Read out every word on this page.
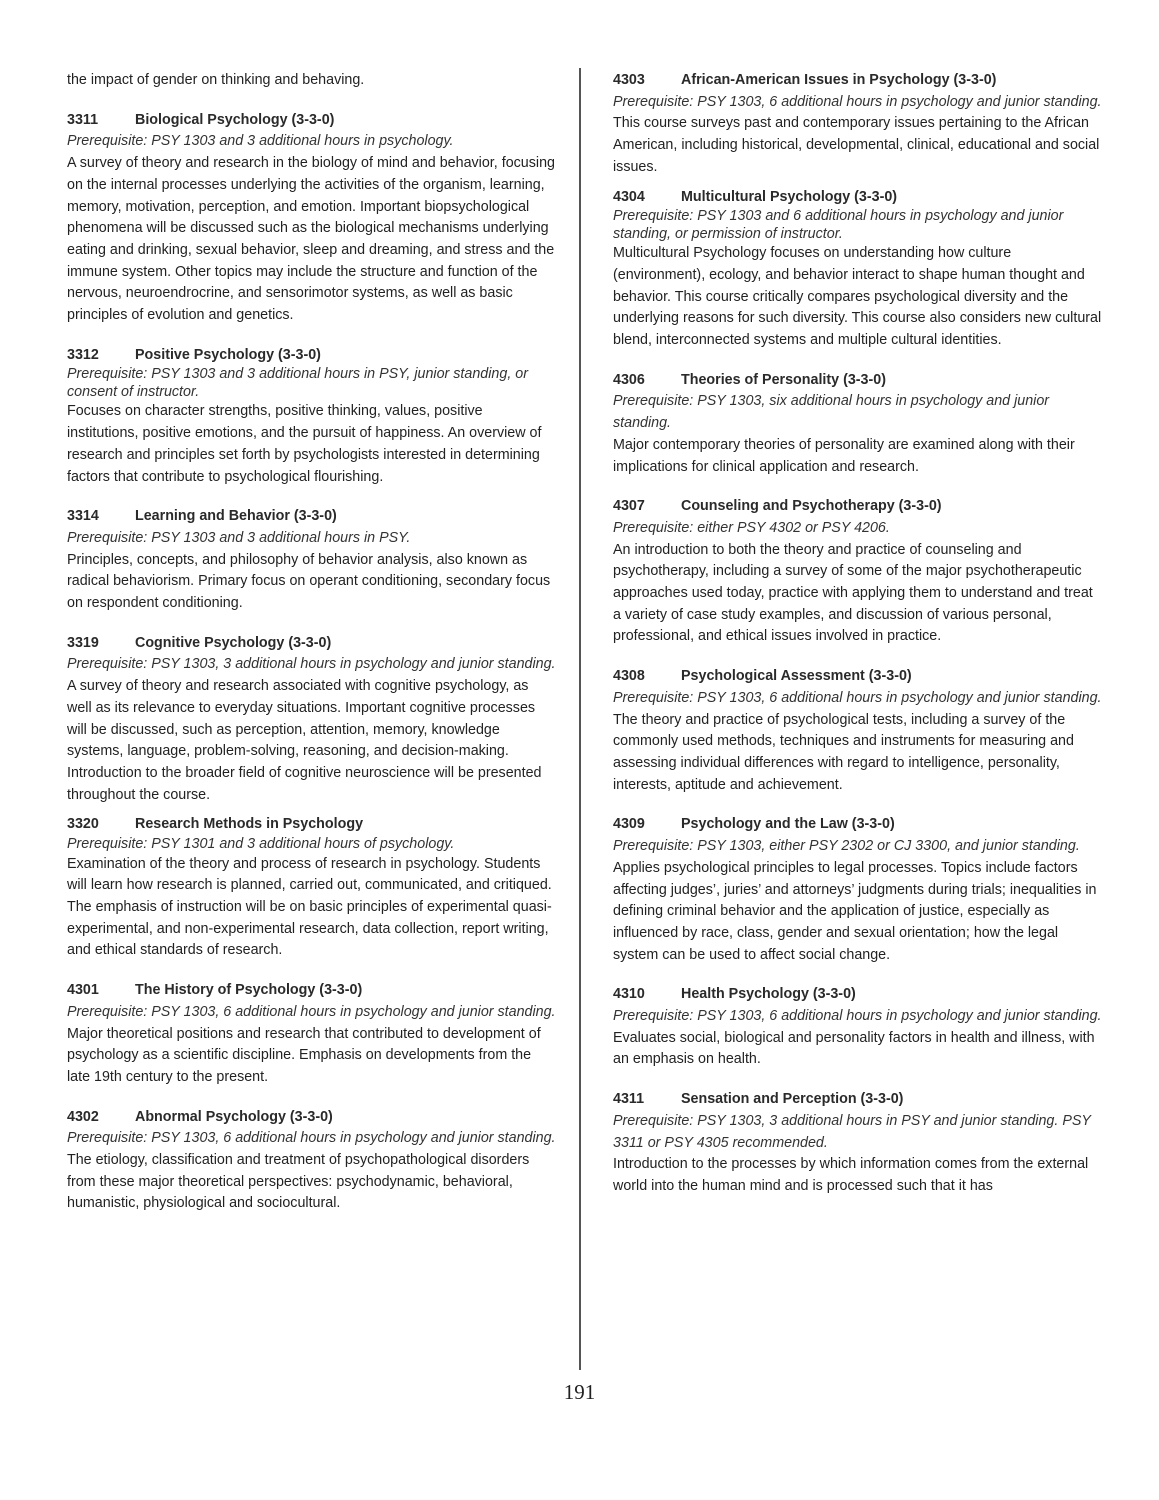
the impact of gender on thinking and behaving.

3311	Biological Psychology (3-3-0)
Prerequisite: PSY 1303 and 3 additional hours in psychology.
A survey of theory and research in the biology of mind and behavior, focusing on the internal processes underlying the activities of the organism, learning, memory, motivation, perception, and emotion. Important biopsychological phenomena will be discussed such as the biological mechanisms underlying eating and drinking, sexual behavior, sleep and dreaming, and stress and the immune system. Other topics may include the structure and function of the nervous, neuroendrocrine, and sensorimotor systems, as well as basic principles of evolution and genetics.
3312	Positive Psychology (3-3-0)
Prerequisite: PSY 1303 and 3 additional hours in PSY, junior standing, or consent of instructor.
Focuses on character strengths, positive thinking, values, positive institutions, positive emotions, and the pursuit of happiness. An overview of research and principles set forth by psychologists interested in determining factors that contribute to psychological flourishing.
3314	Learning and Behavior (3-3-0)
Prerequisite: PSY 1303 and 3 additional hours in PSY.
Principles, concepts, and philosophy of behavior analysis, also known as radical behaviorism. Primary focus on operant conditioning, secondary focus on respondent conditioning.
3319	Cognitive Psychology (3-3-0)
Prerequisite: PSY 1303, 3 additional hours in psychology and junior standing.
A survey of theory and research associated with cognitive psychology, as well as its relevance to everyday situations. Important cognitive processes will be discussed, such as perception, attention, memory, knowledge systems, language, problem-solving, reasoning, and decision-making. Introduction to the broader field of cognitive neuroscience will be presented throughout the course.
3320	Research Methods in Psychology
Prerequisite: PSY 1301 and 3 additional hours of psychology.
Examination of the theory and process of research in psychology. Students will learn how research is planned, carried out, communicated, and critiqued. The emphasis of instruction will be on basic principles of experimental quasi-experimental, and non-experimental research, data collection, report writing, and ethical standards of research.
4301	The History of Psychology (3-3-0)
Prerequisite: PSY 1303, 6 additional hours in psychology and junior standing.
Major theoretical positions and research that contributed to development of psychology as a scientific discipline. Emphasis on developments from the late 19th century to the present.
4302	Abnormal Psychology (3-3-0)
Prerequisite: PSY 1303, 6 additional hours in psychology and junior standing.
The etiology, classification and treatment of psychopathological disorders from these major theoretical perspectives: psychodynamic, behavioral, humanistic, physiological and sociocultural.
4303	African-American Issues in Psychology (3-3-0)
Prerequisite: PSY 1303, 6 additional hours in psychology and junior standing.
This course surveys past and contemporary issues pertaining to the African American, including historical, developmental, clinical, educational and social issues.
4304	Multicultural Psychology (3-3-0)
Prerequisite: PSY 1303 and 6 additional hours in psychology and junior standing, or permission of instructor.
Multicultural Psychology focuses on understanding how culture (environment), ecology, and behavior interact to shape human thought and behavior. This course critically compares psychological diversity and the underlying reasons for such diversity. This course also considers new cultural blend, interconnected systems and multiple cultural identities.
4306	Theories of Personality (3-3-0)
Prerequisite: PSY 1303, six additional hours in psychology and junior standing.
Major contemporary theories of personality are examined along with their implications for clinical application and research.
4307	Counseling and Psychotherapy (3-3-0)
Prerequisite: either PSY 4302 or PSY 4206.
An introduction to both the theory and practice of counseling and psychotherapy, including a survey of some of the major psychotherapeutic approaches used today, practice with applying them to understand and treat a variety of case study examples, and discussion of various personal, professional, and ethical issues involved in practice.
4308	Psychological Assessment (3-3-0)
Prerequisite: PSY 1303, 6 additional hours in psychology and junior standing.
The theory and practice of psychological tests, including a survey of the commonly used methods, techniques and instruments for measuring and assessing individual differences with regard to intelligence, personality, interests, aptitude and achievement.
4309	Psychology and the Law (3-3-0)
Prerequisite: PSY 1303, either PSY 2302 or CJ 3300, and junior standing.
Applies psychological principles to legal processes. Topics include factors affecting judges’, juries’ and attorneys’ judgments during trials; inequalities in defining criminal behavior and the application of justice, especially as influenced by race, class, gender and sexual orientation; how the legal system can be used to affect social change.
4310	Health Psychology (3-3-0)
Prerequisite: PSY 1303, 6 additional hours in psychology and junior standing.
Evaluates social, biological and personality factors in health and illness, with an emphasis on health.
4311	Sensation and Perception (3-3-0)
Prerequisite: PSY 1303, 3 additional hours in PSY and junior standing. PSY 3311 or PSY 4305 recommended.
Introduction to the processes by which information comes from the external world into the human mind and is processed such that it has
191
